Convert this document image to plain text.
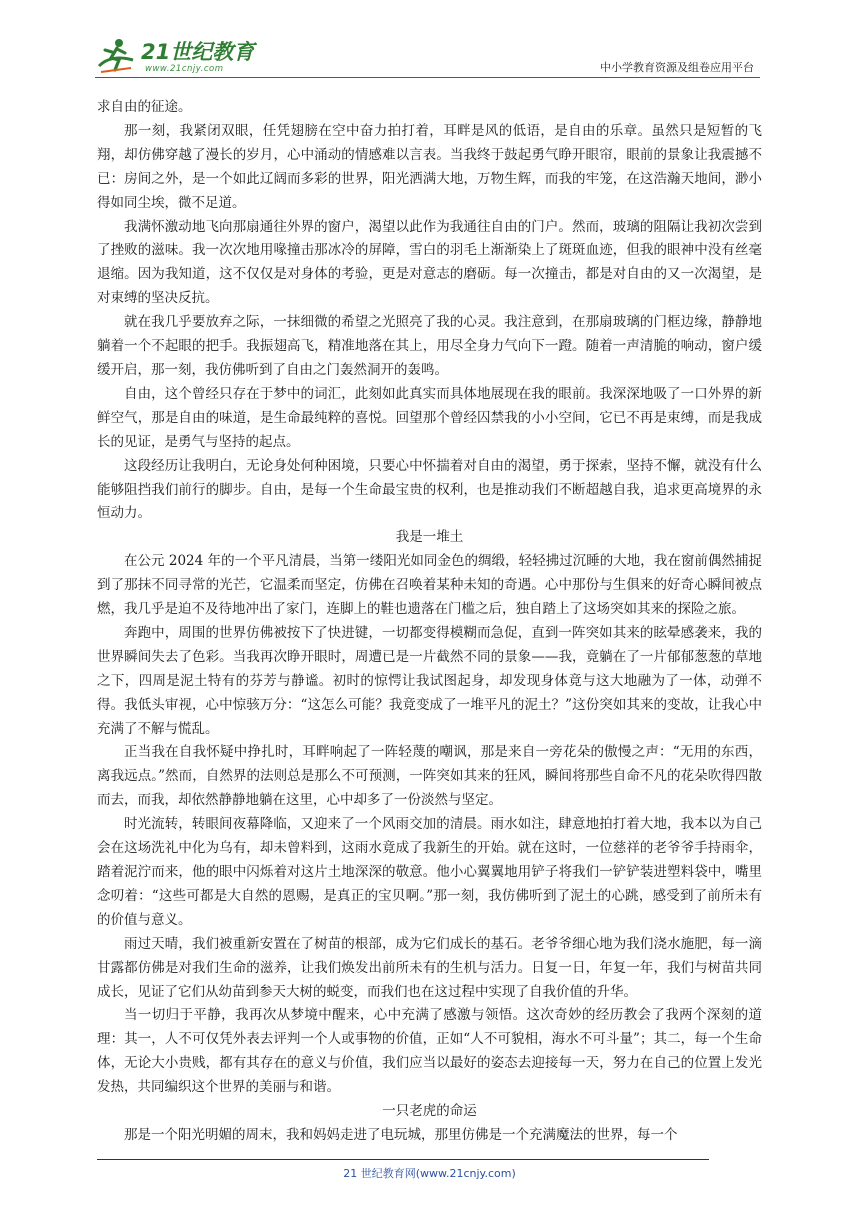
21世纪教育
www.21cnjy.com	中小学教育资源及组卷应用平台

求自由的征途。

那一刻，我紧闭双眼，任凭翅膀在空中奋力拍打着，耳畔是风的低语，是自由的乐章。虽然只是短暂的飞翔，却仿佛穿越了漫长的岁月，心中涌动的情感难以言表。当我终于鼓起勇气睁开眼帘，眼前的景象让我震撼不已：房间之外，是一个如此辽阔而多彩的世界，阳光洒满大地，万物生辉，而我的牢笼，在这浩瀚天地间，渺小得如同尘埃，微不足道。

我满怀激动地飞向那扇通往外界的窗户，渴望以此作为我通往自由的门户。然而，玻璃的阻隔让我初次尝到了挫败的滋味。我一次次地用喙撞击那冰冷的屏障，雪白的羽毛上渐渐染上了斑斑血迹，但我的眼神中没有丝毫退缩。因为我知道，这不仅仅是对身体的考验，更是对意志的磨砺。每一次撞击，都是对自由的又一次渴望，是对束缚的坚决反抗。

就在我几乎要放弃之际，一抹细微的希望之光照亮了我的心灵。我注意到，在那扇玻璃的门框边缘，静静地躺着一个不起眼的把手。我振翅高飞，精准地落在其上，用尽全身力气向下一蹬。随着一声清脆的响动，窗户缓缓开启，那一刻，我仿佛听到了自由之门轰然洞开的轰鸣。

自由，这个曾经只存在于梦中的词汇，此刻如此真实而具体地展现在我的眼前。我深深地吸了一口外界的新鲜空气，那是自由的味道，是生命最纯粹的喜悦。回望那个曾经囚禁我的小小空间，它已不再是束缚，而是我成长的见证，是勇气与坚持的起点。

这段经历让我明白，无论身处何种困境，只要心中怀揣着对自由的渴望，勇于探索，坚持不懈，就没有什么能够阻挡我们前行的脚步。自由，是每一个生命最宝贵的权利，也是推动我们不断超越自我，追求更高境界的永恒动力。

我是一堆土

在公元 2024 年的一个平凡清晨，当第一缕阳光如同金色的绸缎，轻轻拂过沉睡的大地，我在窗前偶然捕捉到了那抹不同寻常的光芒，它温柔而坚定，仿佛在召唤着某种未知的奇遇。心中那份与生俱来的好奇心瞬间被点燃，我几乎是迫不及待地冲出了家门，连脚上的鞋也遗落在门槛之后，独自踏上了这场突如其来的探险之旅。

奔跑中，周围的世界仿佛被按下了快进键，一切都变得模糊而急促，直到一阵突如其来的眩晕感袭来，我的世界瞬间失去了色彩。当我再次睁开眼时，周遭已是一片截然不同的景象——我，竟躺在了一片郁郁葱葱的草地之下，四周是泥土特有的芬芳与静谧。初时的惊愕让我试图起身，却发现身体竟与这大地融为了一体，动弹不得。我低头审视，心中惊骇万分：“这怎么可能？我竟变成了一堆平凡的泥土？”这份突如其来的变故，让我心中充满了不解与慌乱。

正当我在自我怀疑中挣扎时，耳畔响起了一阵轻蔑的嘲讽，那是来自一旁花朵的傲慢之声：“无用的东西，离我远点。”然而，自然界的法则总是那么不可预测，一阵突如其来的狂风，瞬间将那些自命不凡的花朵吹得四散而去，而我，却依然静静地躺在这里，心中却多了一份淡然与坚定。

时光流转，转眼间夜幕降临，又迎来了一个风雨交加的清晨。雨水如注，肆意地拍打着大地，我本以为自己会在这场洗礼中化为乌有，却未曾料到，这雨水竟成了我新生的开始。就在这时，一位慈祥的老爷爷手持雨伞，踏着泥泞而来，他的眼中闪烁着对这片土地深深的敬意。他小心翼翼地用铲子将我们一铲铲装进塑料袋中，嘴里念叨着：“这些可都是大自然的恩赐，是真正的宝贝啊。”那一刻，我仿佛听到了泥土的心跳，感受到了前所未有的价值与意义。

雨过天晴，我们被重新安置在了树苗的根部，成为它们成长的基石。老爷爷细心地为我们浇水施肥，每一滴甘露都仿佛是对我们生命的滋养，让我们焕发出前所未有的生机与活力。日复一日，年复一年，我们与树苗共同成长，见证了它们从幼苗到参天大树的蜕变，而我们也在这过程中实现了自我价值的升华。

当一切归于平静，我再次从梦境中醒来，心中充满了感激与领悟。这次奇妙的经历教会了我两个深刻的道理：其一，人不可仅凭外表去评判一个人或事物的价值，正如“人不可貌相，海水不可斗量”；其二，每一个生命体，无论大小贵贱，都有其存在的意义与价值，我们应当以最好的姿态去迎接每一天，努力在自己的位置上发光发热，共同编织这个世界的美丽与和谐。

一只老虎的命运

那是一个阳光明媚的周末，我和妈妈走进了电玩城，那里仿佛是一个充满魔法的世界，每一个

21 世纪教育网(www.21cnjy.com)
